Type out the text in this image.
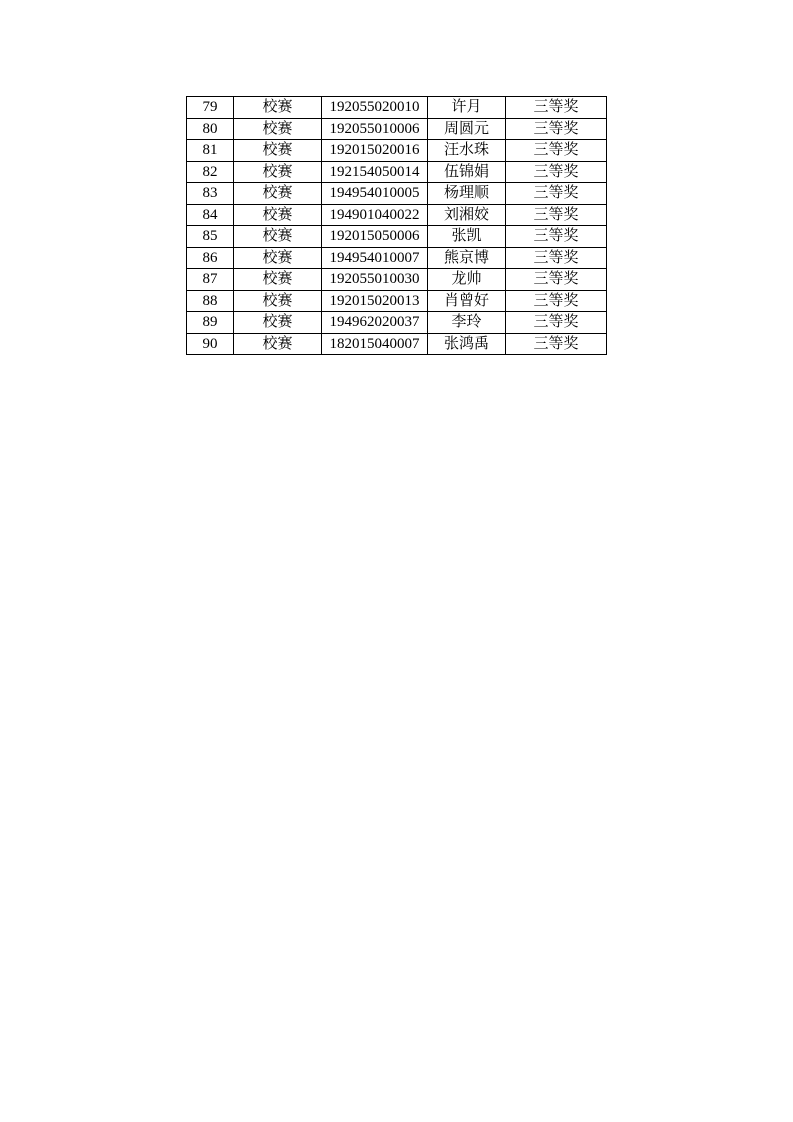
79	校赛	192055020010	许月	三等奖
80	校赛	192055010006	周圆元	三等奖
81	校赛	192015020016	汪水珠	三等奖
82	校赛	192154050014	伍锦娟	三等奖
83	校赛	194954010005	杨理顺	三等奖
84	校赛	194901040022	刘湘姣	三等奖
85	校赛	192015050006	张凯	三等奖
86	校赛	194954010007	熊京博	三等奖
87	校赛	192055010030	龙帅	三等奖
88	校赛	192015020013	肖曾好	三等奖
89	校赛	194962020037	李玲	三等奖
90	校赛	182015040007	张鸿禹	三等奖
